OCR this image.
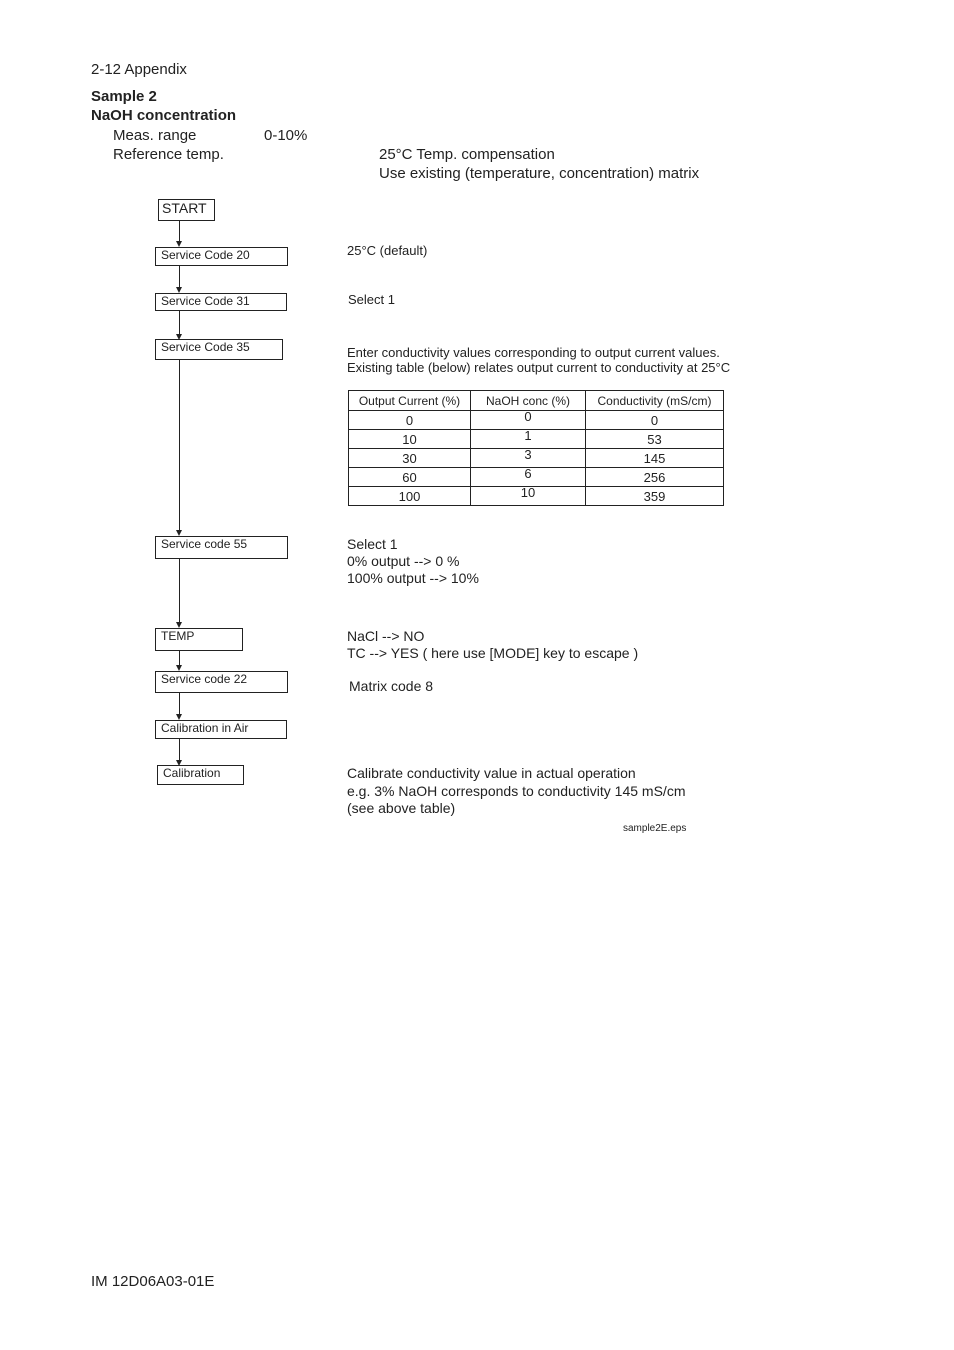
2-12 Appendix
Sample 2
NaOH concentration
Meas. range	0-10%
Reference temp.	25°C Temp. compensation
Use existing (temperature, concentration) matrix
START
Service Code 20
Service Code 31
Service Code 35
Service code 55
TEMP
Service code 22
Calibration in Air
Calibration
25°C (default)
Select 1
Enter conductivity values corresponding to output current values.
Existing table (below) relates output current to conductivity at 25°C
Output Current (%)	NaOH conc (%)	Conductivity (mS/cm)
0	0	0
10	1	53
30	3	145
60	6	256
100	10	359
Select 1
0% output --> 0 %
100% output --> 10%
NaCl --> NO
TC --> YES ( here use [MODE] key to escape )
Matrix code 8
Calibrate conductivity value in actual operation
e.g. 3% NaOH corresponds to conductivity 145 mS/cm
(see above table)
sample2E.eps
IM 12D06A03-01E
